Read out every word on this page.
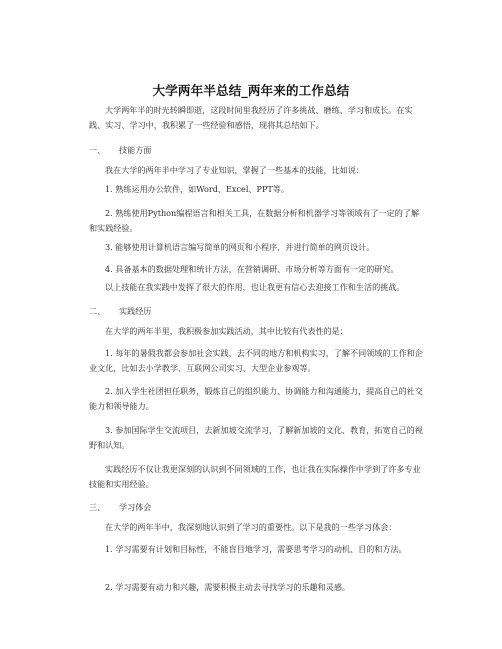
大学两年半总结_两年来的工作总结

大学两年半的时光转瞬即逝，这段时间里我经历了许多挑战、磨练、学习和成长。在实践、实习、学习中，我积累了一些经验和感悟，现将其总结如下。

一、 技能方面

我在大学的两年半中学习了专业知识，掌握了一些基本的技能，比如说：

1. 熟练运用办公软件，如Word、Excel、PPT等。

2. 熟练使用Python编程语言和相关工具，在数据分析和机器学习等领域有了一定的了解和实践经验。

3. 能够使用计算机语言编写简单的网页和小程序，并进行简单的网页设计。

4. 具备基本的数据处理和统计方法，在营销调研、市场分析等方面有一定的研究。

以上技能在我实践中发挥了很大的作用，也让我更有信心去迎接工作和生活的挑战。

二、 实践经历

在大学的两年半里，我积极参加实践活动，其中比较有代表性的是：

1. 每年的暑假我都会参加社会实践，去不同的地方和机构实习，了解不同领域的工作和企业文化，比如去小学教学、互联网公司实习、大型企业参观等。

2. 加入学生社团担任职务，锻炼自己的组织能力、协调能力和沟通能力，提高自己的社交能力和领导能力。

3. 参加国际学生交流项目，去新加坡交流学习，了解新加坡的文化、教育，拓宽自己的视野和认知。

实践经历不仅让我更深刻的认识到不同领域的工作，也让我在实际操作中学到了许多专业技能和实用经验。

三、 学习体会

在大学的两年半中，我深刻地认识到了学习的重要性。以下是我的一些学习体会：

1. 学习需要有计划和目标性，不能盲目地学习，需要思考学习的动机、目的和方法。

2. 学习需要有动力和兴趣，需要积极主动去寻找学习的乐趣和灵感。
